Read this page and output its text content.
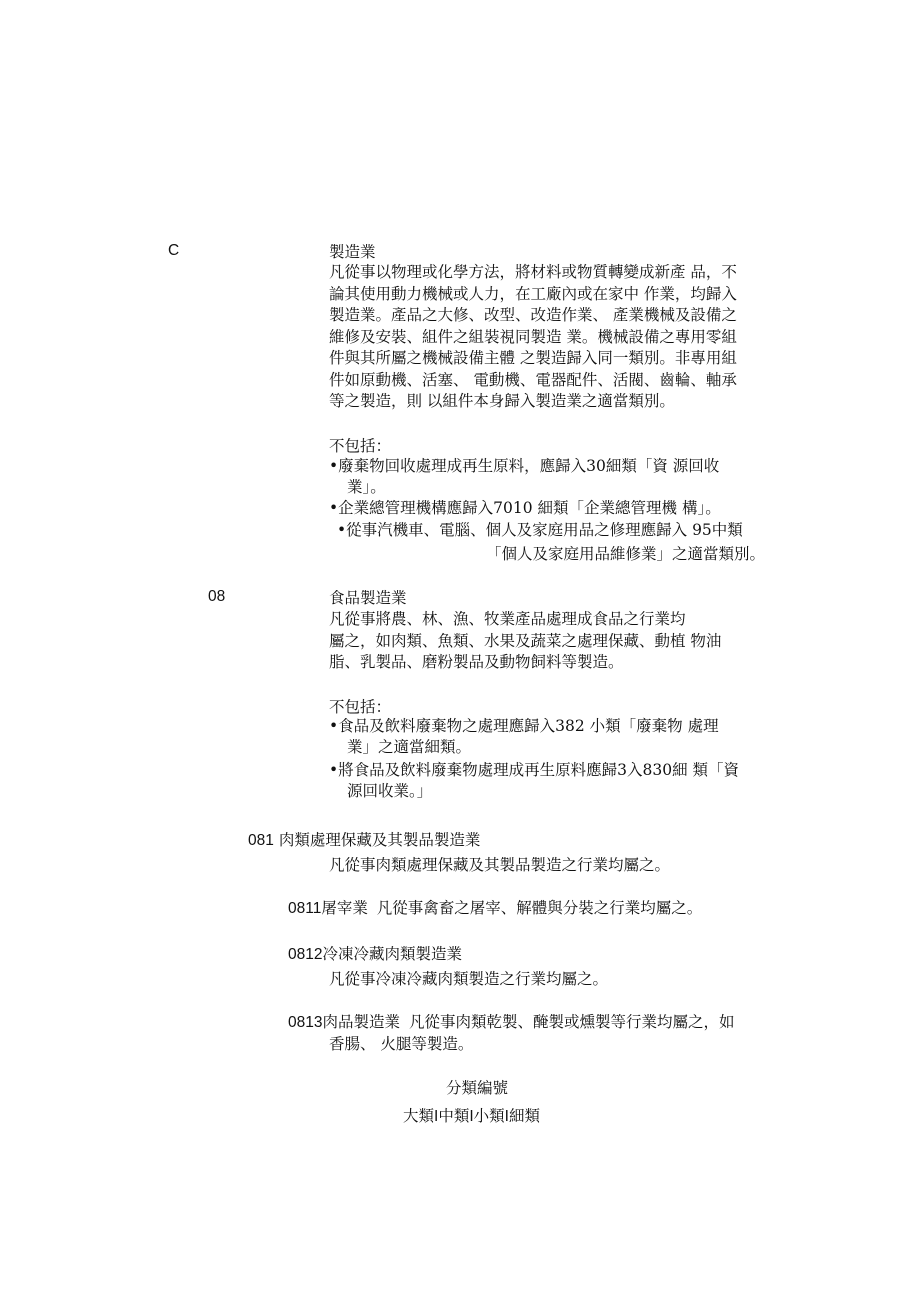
C	製造業

凡從事以物理或化學方法，將材料或物質轉變成新產 品，不

論其使用動力機械或人力，在工廠內或在家中 作業，均歸入

製造業。產品之大修、改型、改造作業、 產業機械及設備之

維修及安裝、組件之組裝視同製造 業。機械設備之專用零組

件與其所屬之機械設備主體 之製造歸入同一類別。非專用組

件如原動機、活塞、 電動機、電器配件、活閥、齒輪、軸承

等之製造，則 以組件本身歸入製造業之適當類別。

不包括：
•廢棄物回收處理成再生原料，應歸入30細類「資 源回收
業」。
•企業總管理機構應歸入7010 細類「企業總管理機 構」。
•從事汽機車、電腦、個人及家庭用品之修理應歸入 95中類
「個人及家庭用品維修業」之適當類別。
08	食品製造業

凡從事將農、林、漁、牧業產品處理成食品之行業均

屬之，如肉類、魚類、水果及蔬菜之處理保藏、動植 物油

脂、乳製品、磨粉製品及動物飼料等製造。

不包括：
•食品及飲料廢棄物之處理應歸入382 小類「廢棄物 處理
業」之適當細類。
•將食品及飲料廢棄物處理成再生原料應歸3入830細 類「資
源回收業。」
081 肉類處理保藏及其製品製造業
凡從事肉類處理保藏及其製品製造之行業均屬之。
0811屠宰業 凡從事禽畜之屠宰、解體與分裝之行業均屬之。
0812冷凍冷藏肉類製造業
凡從事冷凍冷藏肉類製造之行業均屬之。
0813肉品製造業 凡從事肉類乾製、醃製或燻製等行業均屬之，如
香腸、 火腿等製造。
分類編號
大類I中類I小類I細類
